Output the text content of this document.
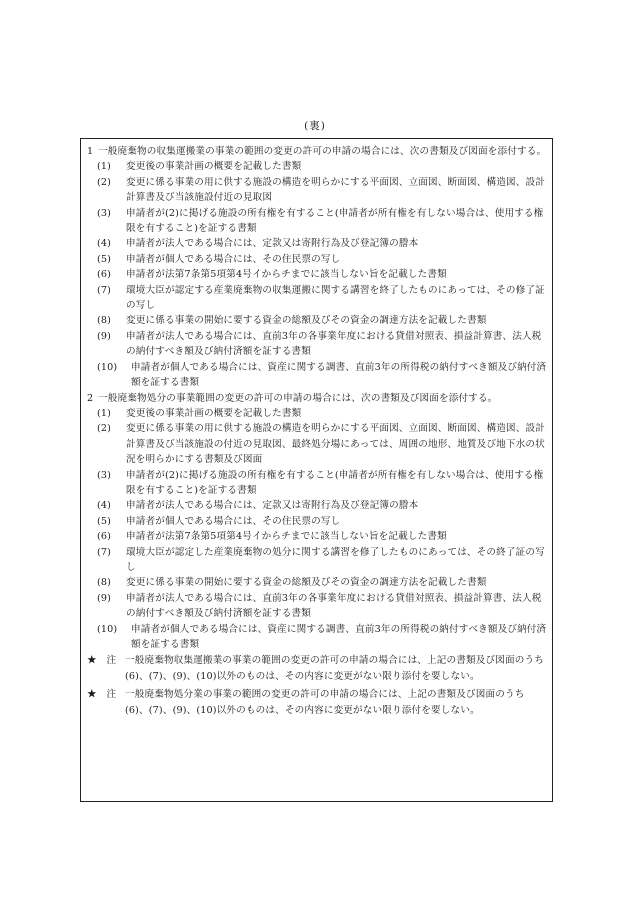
(裏)
1 一般廃棄物の収集運搬業の事業の範囲の変更の許可の申請の場合には、次の書類及び図面を添付する。
(1)	変更後の事業計画の概要を記載した書類
(2)	変更に係る事業の用に供する施設の構造を明らかにする平面図、立面図、断面図、構造図、設計計算書及び当該施設付近の見取図
(3)	申請者が(2)に掲げる施設の所有権を有すること(申請者が所有権を有しない場合は、使用する権限を有すること)を証する書類
(4)	申請者が法人である場合には、定款又は寄附行為及び登記簿の謄本
(5)	申請者が個人である場合には、その住民票の写し
(6)	申請者が法第7条第5項第4号イからチまでに該当しない旨を記載した書類
(7)	環境大臣が認定する産業廃棄物の収集運搬に関する講習を終了したものにあっては、その修了証の写し
(8)	変更に係る事業の開始に要する資金の総額及びその資金の調達方法を記載した書類
(9)	申請者が法人である場合には、直前3年の各事業年度における貸借対照表、損益計算書、法人税の納付すべき額及び納付済額を証する書類
(10)	申請者が個人である場合には、資産に関する調書、直前3年の所得税の納付すべき額及び納付済額を証する書類
2 一般廃棄物処分の事業範囲の変更の許可の申請の場合には、次の書類及び図面を添付する。
(1)	変更後の事業計画の概要を記載した書類
(2)	変更に係る事業の用に供する施設の構造を明らかにする平面図、立面図、断面図、構造図、設計計算書及び当該施設の付近の見取図、最終処分場にあっては、周囲の地形、地質及び地下水の状況を明らかにする書類及び図面
(3)	申請者が(2)に掲げる施設の所有権を有すること(申請者が所有権を有しない場合は、使用する権限を有すること)を証する書類
(4)	申請者が法人である場合には、定款又は寄附行為及び登記簿の謄本
(5)	申請者が個人である場合には、その住民票の写し
(6)	申請者が法第7条第5項第4号イからチまでに該当しない旨を記載した書類
(7)	環境大臣が認定した産業廃棄物の処分に関する講習を修了したものにあっては、その終了証の写し
(8)	変更に係る事業の開始に要する資金の総額及びその資金の調達方法を記載した書類
(9)	申請者が法人である場合には、直前3年の各事業年度における貸借対照表、損益計算書、法人税の納付すべき額及び納付済額を証する書類
(10)	申請者が個人である場合には、資産に関する調書、直前3年の所得税の納付すべき額及び納付済額を証する書類
★　注 一般廃棄物収集運搬業の事業の範囲の変更の許可の申請の場合には、上記の書類及び図面のうち(6)、(7)、(9)、(10)以外のものは、その内容に変更がない限り添付を要しない。
★　注 一般廃棄物処分業の事業の範囲の変更の許可の申請の場合には、上記の書類及び図面のうち(6)、(7)、(9)、(10)以外のものは、その内容に変更がない限り添付を要しない。
